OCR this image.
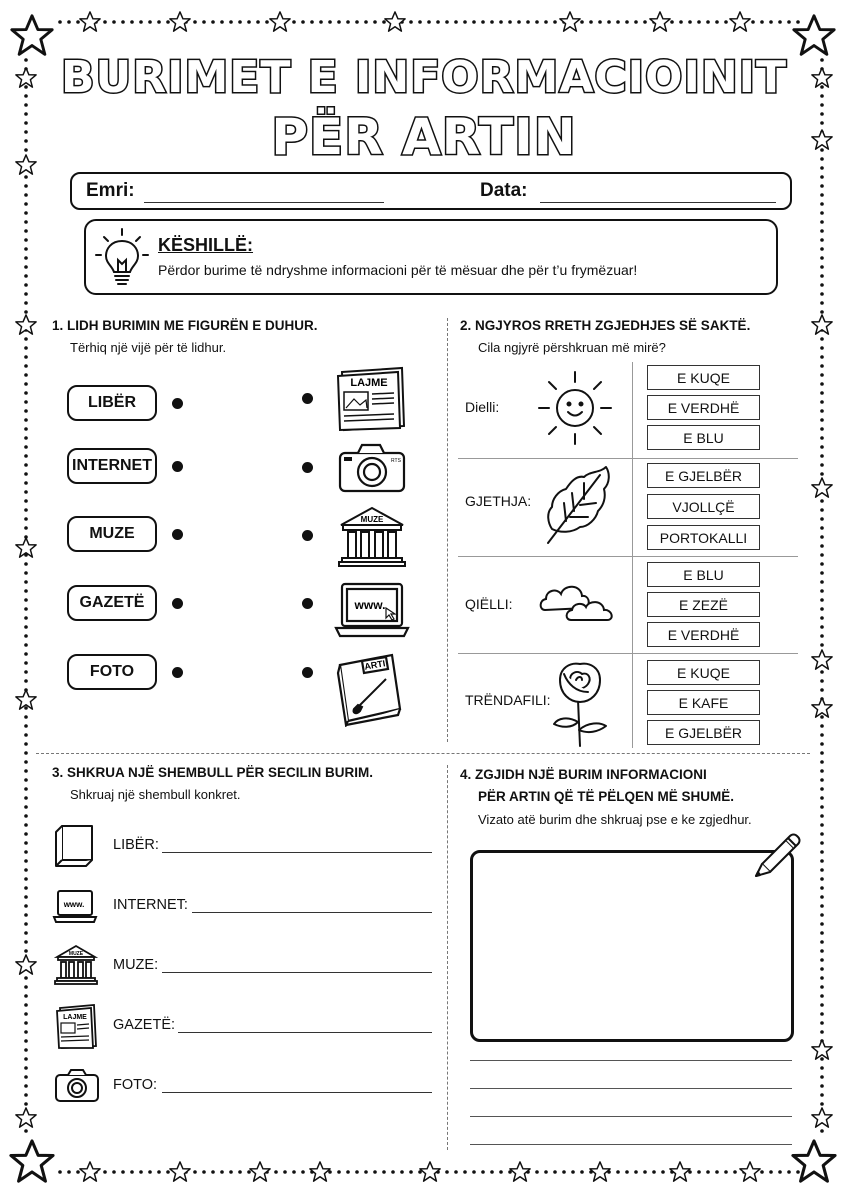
BURIMET E INFORMACIOINIT
PËR ARTIN
Emri:	Data:
KËSHILLË:
Përdor burime të ndryshme informacioni për të mësuar dhe për t’u frymëzuar!
1. LIDH BURIMIN ME FIGURËN E DUHUR.
Tërhiq një vijë për të lidhur.
LIBËR
INTERNET
MUZE
GAZETË
FOTO
LAJME
RTS
MUZE
www.
ARTI
2. NGJYROS RRETH ZGJEDHJES SË SAKTË.
Cila ngjyrë përshkruan më mirë?
Dielli:
GJETHJA:
QIËLLI:
TRËNDAFILI:
E KUQE
E VERDHË
E BLU
E GJELBËR
VJOLLÇË
PORTOKALLI
E BLU
E ZEZË
E VERDHË
E KUQE
E KAFE
E GJELBËR
3. SHKRUA NJË SHEMBULL PËR SECILIN BURIM.
Shkruaj një shembull konkret.
www.
MUZE
LAJME
LIBËR:
INTERNET:
MUZE:
GAZETË:
FOTO:
4. ZGJIDH NJË BURIM INFORMACIONI
PËR ARTIN QË TË PËLQEN MË SHUMË.
Vizato atë burim dhe shkruaj pse e ke zgjedhur.
